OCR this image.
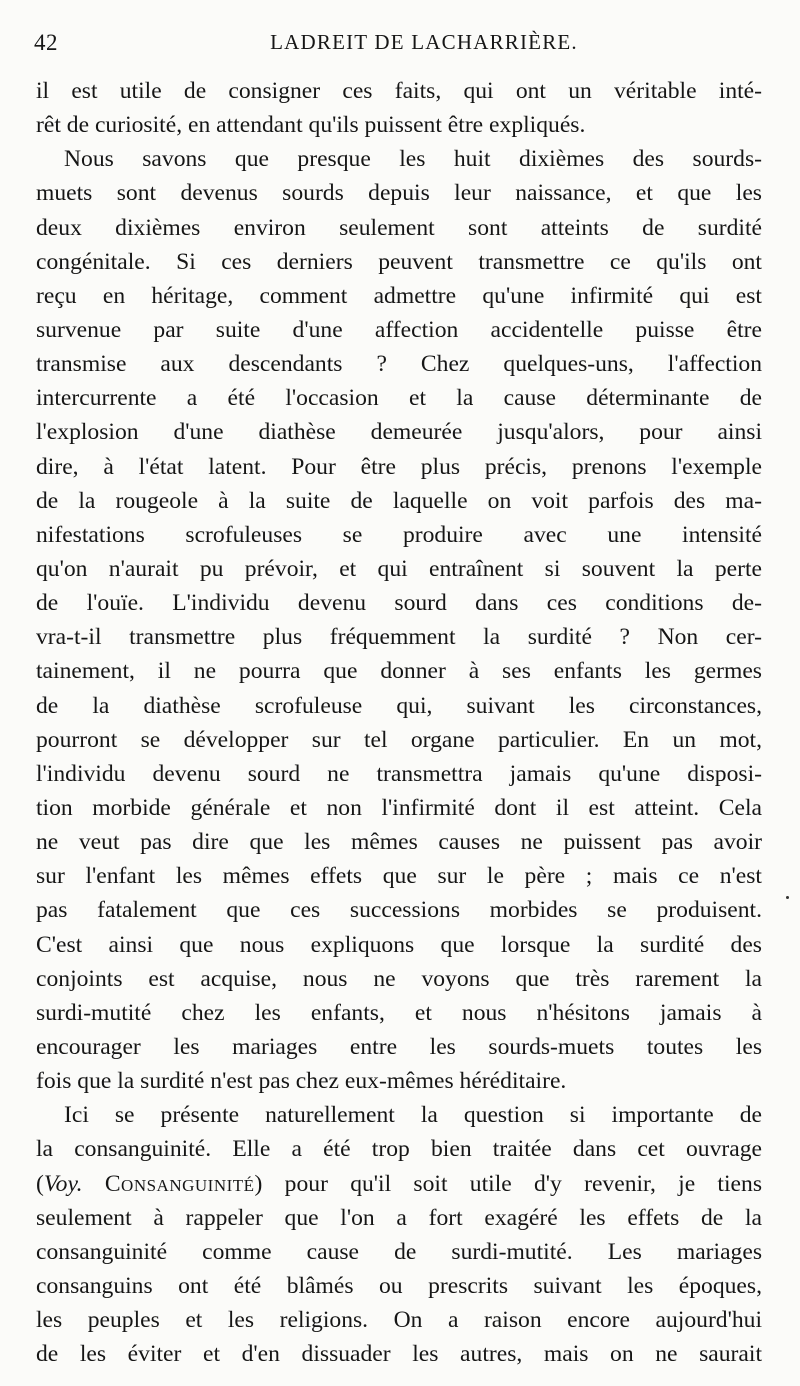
42	LADREIT DE LACHARRIÈRE.
il est utile de consigner ces faits, qui ont un véritable inté-
rêt de curiosité, en attendant qu'ils puissent être expliqués.
Nous savons que presque les huit dixièmes des sourds-
muets sont devenus sourds depuis leur naissance, et que les
deux dixièmes environ seulement sont atteints de surdité
congénitale. Si ces derniers peuvent transmettre ce qu'ils ont
reçu en héritage, comment admettre qu'une infirmité qui est
survenue par suite d'une affection accidentelle puisse être
transmise aux descendants ? Chez quelques-uns, l'affection
intercurrente a été l'occasion et la cause déterminante de
l'explosion d'une diathèse demeurée jusqu'alors, pour ainsi
dire, à l'état latent. Pour être plus précis, prenons l'exemple
de la rougeole à la suite de laquelle on voit parfois des ma-
nifestations scrofuleuses se produire avec une intensité
qu'on n'aurait pu prévoir, et qui entraînent si souvent la perte
de l'ouïe. L'individu devenu sourd dans ces conditions de-
vra-t-il transmettre plus fréquemment la surdité ? Non cer-
tainement, il ne pourra que donner à ses enfants les germes
de la diathèse scrofuleuse qui, suivant les circonstances,
pourront se développer sur tel organe particulier. En un mot,
l'individu devenu sourd ne transmettra jamais qu'une disposi-
tion morbide générale et non l'infirmité dont il est atteint. Cela
ne veut pas dire que les mêmes causes ne puissent pas avoir
sur l'enfant les mêmes effets que sur le père ; mais ce n'est
pas fatalement que ces successions morbides se produisent.
C'est ainsi que nous expliquons que lorsque la surdité des
conjoints est acquise, nous ne voyons que très rarement la
surdi-mutité chez les enfants, et nous n'hésitons jamais à
encourager les mariages entre les sourds-muets toutes les
fois que la surdité n'est pas chez eux-mêmes héréditaire.
Ici se présente naturellement la question si importante de
la consanguinité. Elle a été trop bien traitée dans cet ouvrage
(Voy. Consanguinité) pour qu'il soit utile d'y revenir, je tiens
seulement à rappeler que l'on a fort exagéré les effets de la
consanguinité comme cause de surdi-mutité. Les mariages
consanguins ont été blâmés ou prescrits suivant les époques,
les peuples et les religions. On a raison encore aujourd'hui
de les éviter et d'en dissuader les autres, mais on ne saurait
